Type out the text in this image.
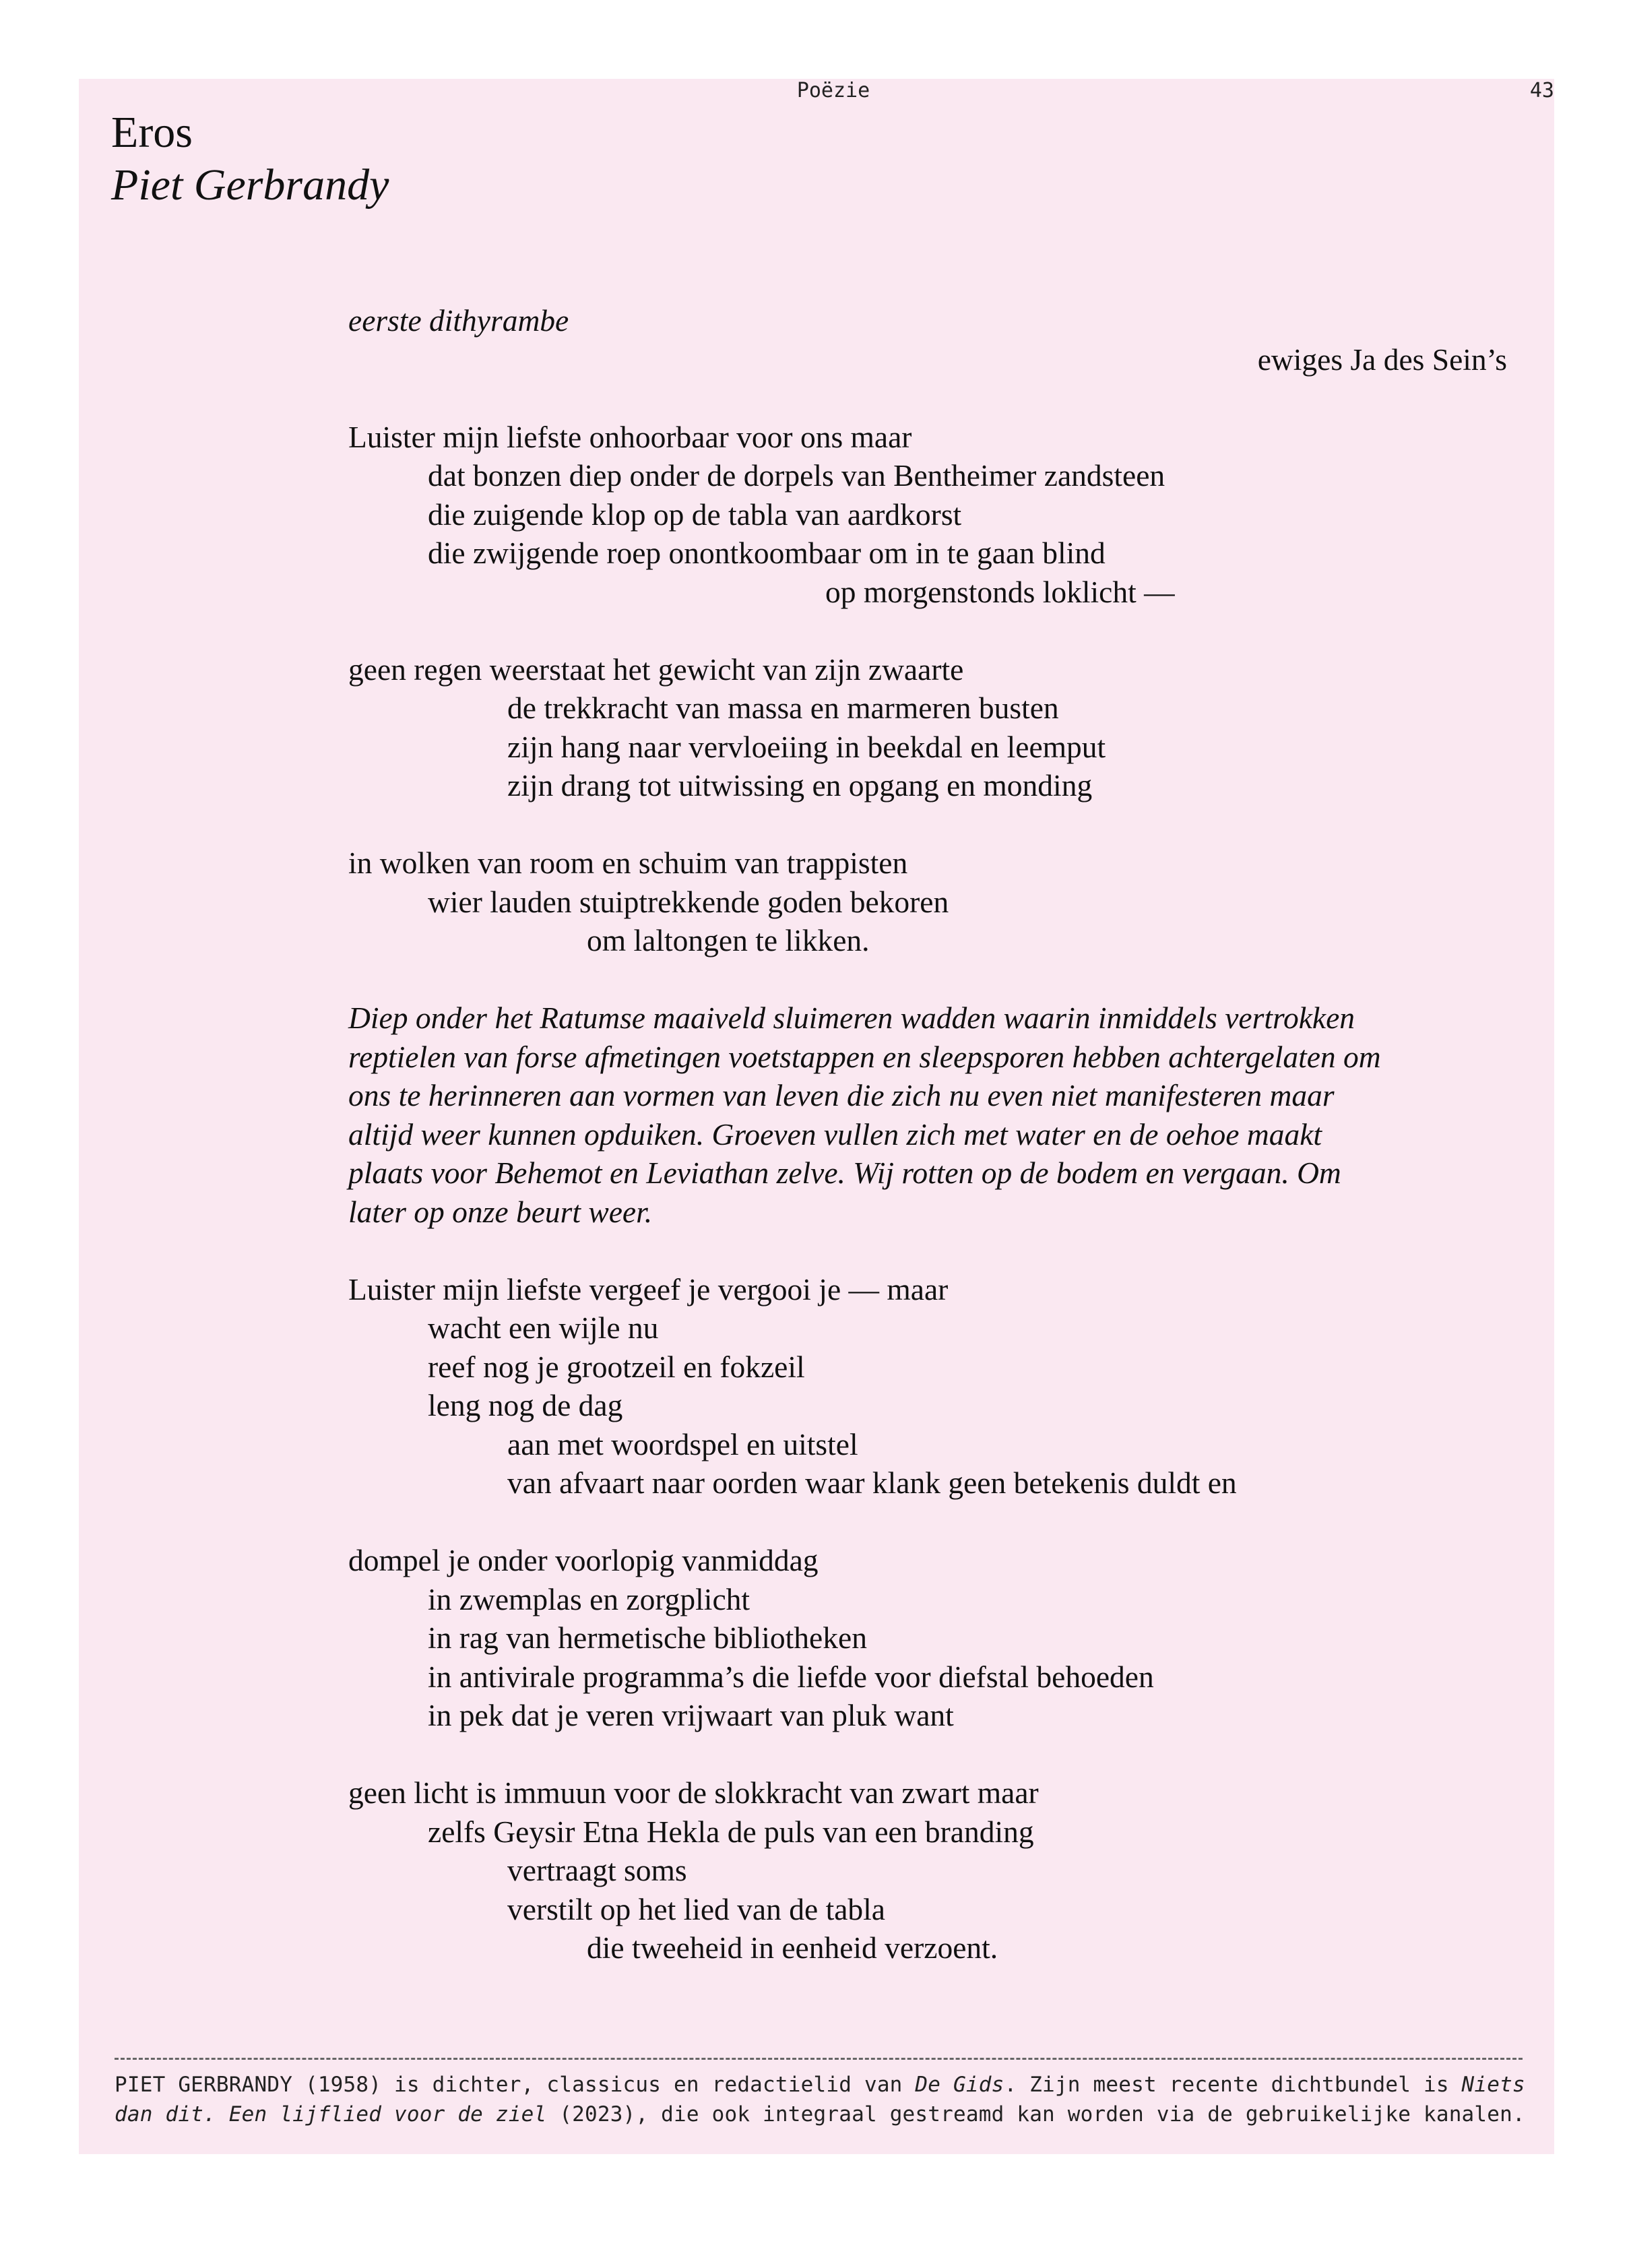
Poëzie	43
Eros
Piet Gerbrandy
eerste dithyrambe
ewiges Ja des Sein’s
Luister mijn liefste onhoorbaar voor ons maar
dat bonzen diep onder de dorpels van Bentheimer zandsteen
die zuigende klop op de tabla van aardkorst
die zwijgende roep onontkoombaar om in te gaan blind
op morgenstonds loklicht —
geen regen weerstaat het gewicht van zijn zwaarte
de trekkracht van massa en marmeren busten
zijn hang naar vervloeiing in beekdal en leemput
zijn drang tot uitwissing en opgang en monding
in wolken van room en schuim van trappisten
wier lauden stuiptrekkende goden bekoren
om laltongen te likken.
Diep onder het Ratumse maaiveld sluimeren wadden waarin inmiddels vertrokken
reptielen van forse afmetingen voetstappen en sleepsporen hebben achtergelaten om
ons te herinneren aan vormen van leven die zich nu even niet manifesteren maar
altijd weer kunnen opduiken. Groeven vullen zich met water en de oehoe maakt
plaats voor Behemot en Leviathan zelve. Wij rotten op de bodem en vergaan. Om
later op onze beurt weer.
Luister mijn liefste vergeef je vergooi je — maar
wacht een wijle nu
reef nog je grootzeil en fokzeil
leng nog de dag
aan met woordspel en uitstel
van afvaart naar oorden waar klank geen betekenis duldt en
dompel je onder voorlopig vanmiddag
in zwemplas en zorgplicht
in rag van hermetische bibliotheken
in antivirale programma’s die liefde voor diefstal behoeden
in pek dat je veren vrijwaart van pluk want
geen licht is immuun voor de slokkracht van zwart maar
zelfs Geysir Etna Hekla de puls van een branding
vertraagt soms
verstilt op het lied van de tabla
die tweeheid in eenheid verzoent.
PIET GERBRANDY (1958) is dichter, classicus en redactielid van De Gids. Zijn meest recente dichtbundel is Niets dan dit. Een lijflied voor de ziel (2023), die ook integraal gestreamd kan worden via de gebruikelijke kanalen.
